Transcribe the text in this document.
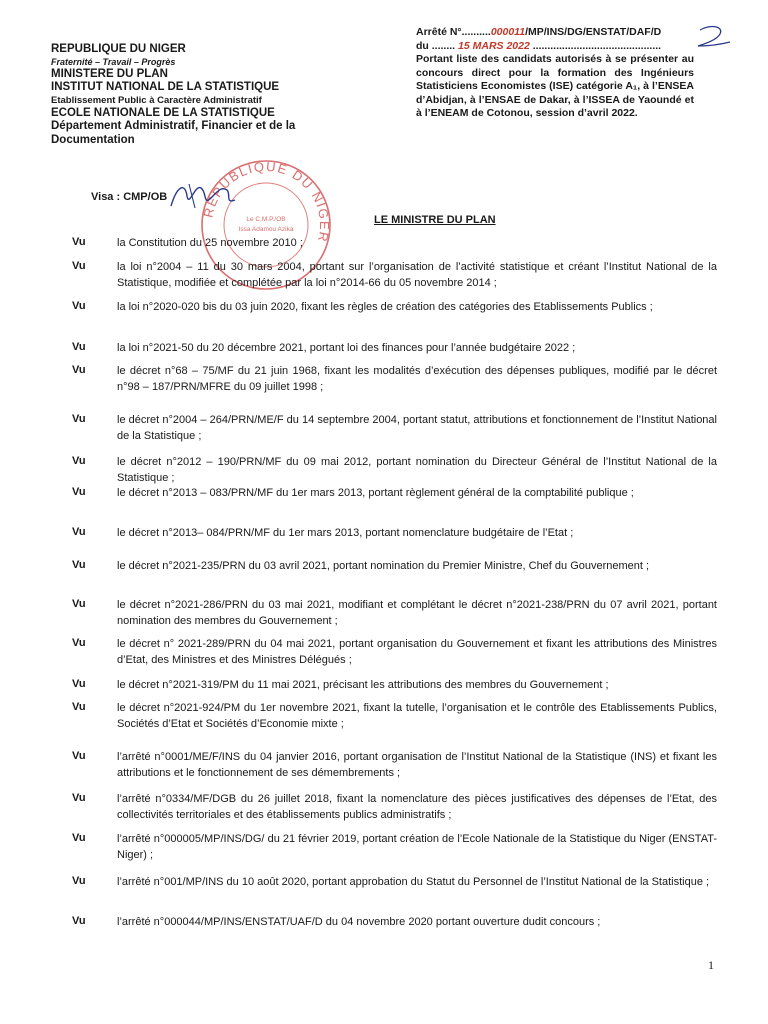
REPUBLIQUE DU NIGER
Fraternité – Travail – Progrès
MINISTERE DU PLAN
INSTITUT NATIONAL DE LA STATISTIQUE
Etablissement Public à Caractère Administratif
ECOLE NATIONALE DE LA STATISTIQUE
Département Administratif, Financier et de la
Documentation
Arrêté N°..........000011/MP/INS/DG/ENSTAT/DAF/D
du ........ 15 MARS 2022 ............................................
Portant liste des candidats autorisés à se présenter au concours direct pour la formation des Ingénieurs Statisticiens Economistes (ISE) catégorie A₁, à l’ENSEA d’Abidjan, à l’ENSAE de Dakar, à l’ISSEA de Yaoundé et à l’ENEAM de Cotonou, session d’avril 2022.
Visa : CMP/OB
REPUBLIQUE DU NIGER
Le C.M.P./OB
Issa Adamou Azika
LE MINISTRE DU PLAN
Vu	la Constitution du 25 novembre 2010 ;
Vu	la loi n°2004 – 11 du 30 mars 2004, portant sur l’organisation de l’activité statistique et créant l’Institut National de la Statistique, modifiée et complétée par la loi n°2014-66 du 05 novembre 2014 ;
Vu	la loi n°2020-020 bis du 03 juin 2020, fixant les règles de création des catégories des Etablissements Publics ;
Vu	la loi n°2021-50 du 20 décembre 2021, portant loi des finances pour l’année budgétaire 2022 ;
Vu	le décret n°68 – 75/MF du 21 juin 1968, fixant les modalités d’exécution des dépenses publiques, modifié par le décret n°98 – 187/PRN/MFRE du 09 juillet 1998 ;
Vu	le décret n°2004 – 264/PRN/ME/F du 14 septembre 2004, portant statut, attributions et fonctionnement de l’Institut National de la Statistique ;
Vu	le décret n°2012 – 190/PRN/MF du 09 mai 2012, portant nomination du Directeur Général de l’Institut National de la Statistique ;
Vu	le décret n°2013 – 083/PRN/MF du 1er mars 2013, portant règlement général de la comptabilité publique ;
Vu	le décret n°2013– 084/PRN/MF du 1er mars 2013, portant nomenclature budgétaire de l’Etat ;
Vu	le décret n°2021-235/PRN du 03 avril 2021, portant nomination du Premier Ministre, Chef du Gouvernement ;
Vu	le décret n°2021-286/PRN du 03 mai 2021, modifiant et complétant le décret n°2021-238/PRN du 07 avril 2021, portant nomination des membres du Gouvernement ;
Vu	le décret n° 2021-289/PRN du 04 mai 2021, portant organisation du Gouvernement et fixant les attributions des Ministres d’Etat, des Ministres et des Ministres Délégués ;
Vu	le décret n°2021-319/PM du 11 mai 2021, précisant les attributions des membres du Gouvernement ;
Vu	le décret n°2021-924/PM du 1er novembre 2021, fixant la tutelle, l’organisation et le contrôle des Etablissements Publics, Sociétés d’Etat et Sociétés d’Economie mixte ;
Vu	l’arrêté n°0001/ME/F/INS du 04 janvier 2016, portant organisation de l’Institut National de la Statistique (INS) et fixant les attributions et le fonctionnement de ses démembrements ;
Vu	l’arrêté n°0334/MF/DGB du 26 juillet 2018, fixant la nomenclature des pièces justificatives des dépenses de l’Etat, des collectivités territoriales et des établissements publics administratifs ;
Vu	l’arrêté n°000005/MP/INS/DG/ du 21 février 2019, portant création de l’Ecole Nationale de la Statistique du Niger (ENSTAT-Niger) ;
Vu	l’arrêté n°001/MP/INS du 10 août 2020, portant approbation du Statut du Personnel de l’Institut National de la Statistique ;
Vu	l’arrêté n°000044/MP/INS/ENSTAT/UAF/D du 04 novembre 2020 portant ouverture dudit concours ;
1
